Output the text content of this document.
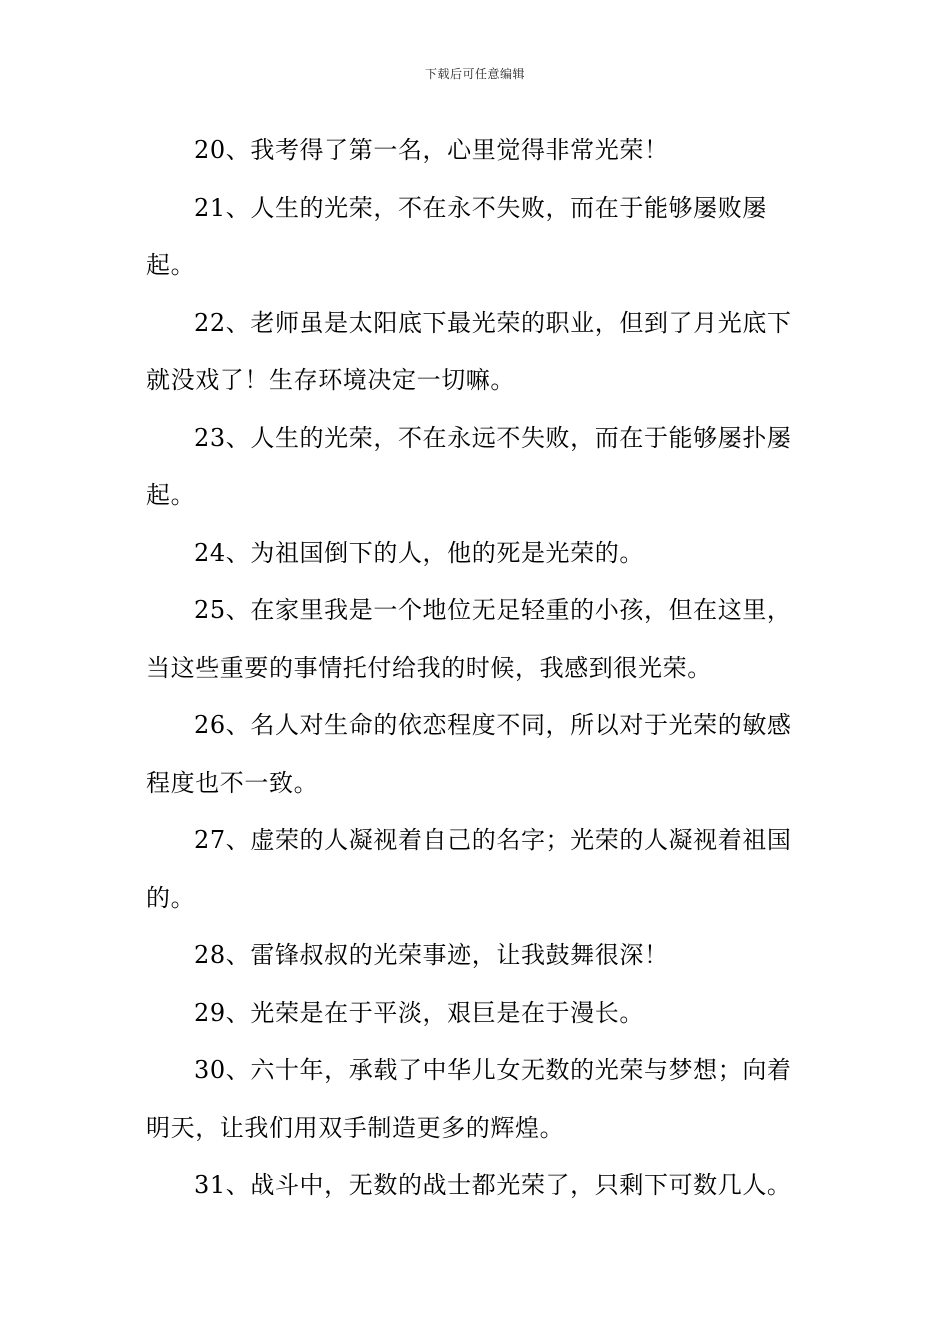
下载后可任意编辑

20、我考得了第一名，心里觉得非常光荣！

21、人生的光荣，不在永不失败，而在于能够屡败屡起。

22、老师虽是太阳底下最光荣的职业，但到了月光底下就没戏了！生存环境决定一切嘛。

23、人生的光荣，不在永远不失败，而在于能够屡扑屡起。

24、为祖国倒下的人，他的死是光荣的。

25、在家里我是一个地位无足轻重的小孩，但在这里，当这些重要的事情托付给我的时候，我感到很光荣。

26、名人对生命的依恋程度不同，所以对于光荣的敏感程度也不一致。

27、虚荣的人凝视着自己的名字；光荣的人凝视着祖国的。

28、雷锋叔叔的光荣事迹，让我鼓舞很深！

29、光荣是在于平淡，艰巨是在于漫长。

30、六十年，承载了中华儿女无数的光荣与梦想；向着明天，让我们用双手制造更多的辉煌。

31、战斗中，无数的战士都光荣了，只剩下可数几人。
